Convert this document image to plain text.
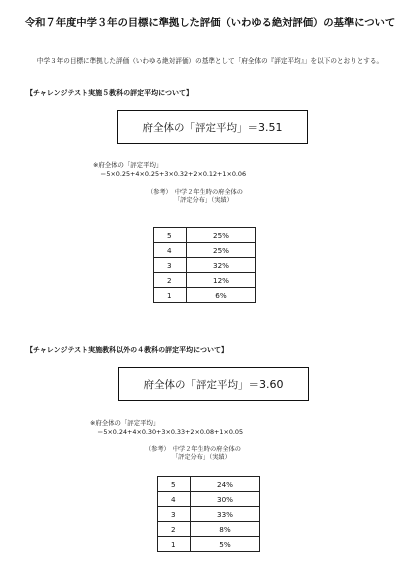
令和７年度中学３年の目標に準拠した評価（いわゆる絶対評価）の基準について
中学３年の目標に準拠した評価（いわゆる絶対評価）の基準として「府全体の『評定平均』」を以下のとおりとする。
【チャレンジテスト実施５教科の評定平均について】
府全体の「評定平均」＝ 3.51
※府全体の「評定平均」
＝5×0.25+4×0.25+3×0.32+2×0.12+1×0.06
（参考）　中学２年生時の府全体の
「評定分布」（実績）
5	25%
4	25%
3	32%
2	12%
1	6%
【チャレンジテスト実施教科以外の４教科の評定平均について】
府全体の「評定平均」＝ 3.60
※府全体の「評定平均」
＝5×0.24+4×0.30+3×0.33+2×0.08+1×0.05
（参考）　中学２年生時の府全体の
「評定分布」（実績）
5	24%
4	30%
3	33%
2	8%
1	5%
